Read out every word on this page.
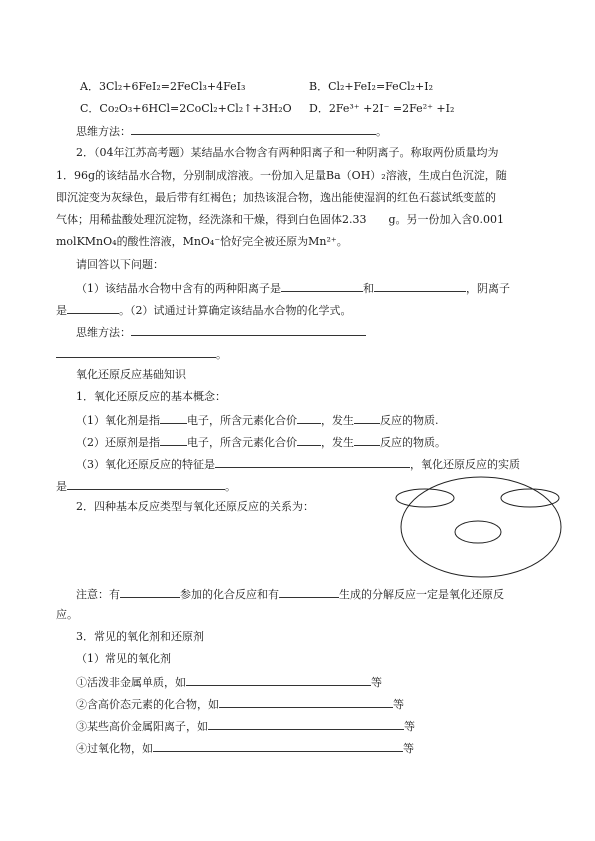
A．3Cl₂+6FeI₂=2FeCl₃+4FeI₃	B．Cl₂+FeI₂=FeCl₂+I₂
C．Co₂O₃+6HCl=2CoCl₂+Cl₂↑+3H₂O D．2Fe³⁺ +2I⁻ =2Fe²⁺ +I₂
思维方法：	。
2．（04年江苏高考题）某结晶水合物含有两种阳离子和一种阴离子。称取两份质量均为
1．96g的该结晶水合物，分别制成溶液。一份加入足量Ba（OH）₂溶液，生成白色沉淀，随
即沉淀变为灰绿色，最后带有红褐色；加热该混合物，逸出能使湿润的红色石蕊试纸变蓝的
气体；用稀盐酸处理沉淀物，经洗涤和干燥，得到白色固体2.33　　g。另一份加入含0.001
molKMnO₄的酸性溶液，MnO₄⁻恰好完全被还原为Mn²⁺。
请回答以下问题：
（1）该结晶水合物中含有的两种阳离子是	和	，阴离子
是	。（2）试通过计算确定该结晶水合物的化学式。
思维方法：
。
氧化还原反应基础知识
1．氧化还原反应的基本概念：
（1）氧化剂是指 电子，所含元素化合价 ，发生 反应的物质.
（2）还原剂是指 电子，所含元素化合价 ，发生 反应的物质。
（3）氧化还原反应的特征是	，氧化还原反应的实质
是	。
2．四种基本反应类型与氧化还原反应的关系为：
注意：有	参加的化合反应和有	生成的分解反应一定是氧化还原反
应。
3．常见的氧化剂和还原剂
（1）常见的氧化剂
①活泼非金属单质，如	等
②含高价态元素的化合物，如	等
③某些高价金属阳离子，如	等
④过氧化物，如	等
